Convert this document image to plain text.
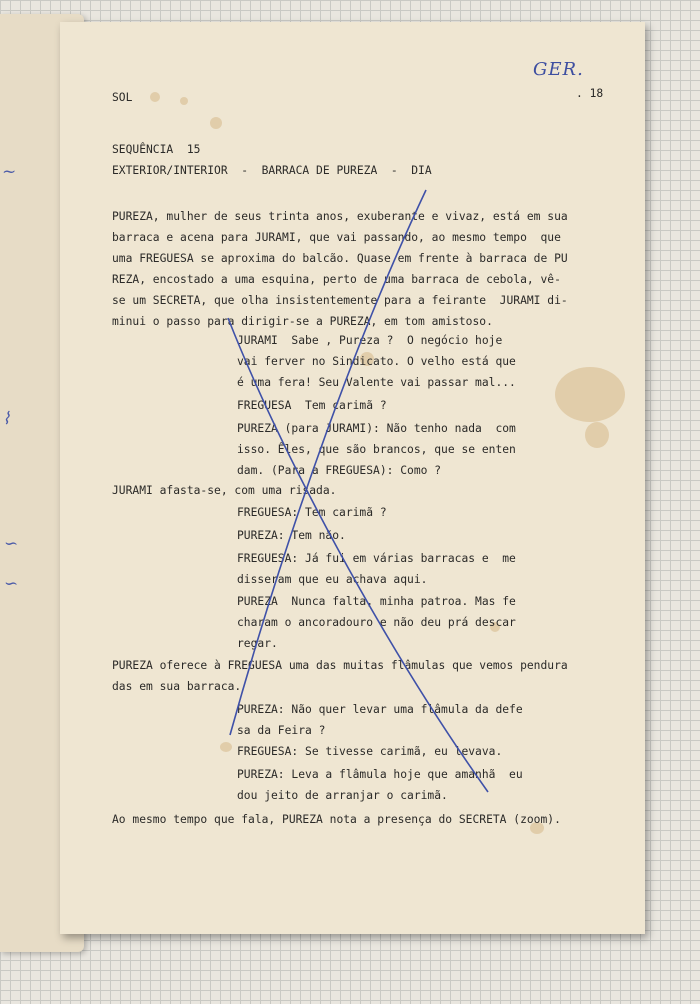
~
⌇
∽
∽
SOL	. 18
GER.
SEQUÊNCIA  15
EXTERIOR/INTERIOR  -  BARRACA DE PUREZA  -  DIA
PUREZA, mulher de seus trinta anos, exuberante e vivaz, está em sua
barraca e acena para JURAMI, que vai passando, ao mesmo tempo  que
uma FREGUESA se aproxima do balcão. Quase em frente à barraca de PU
REZA, encostado a uma esquina, perto de uma barraca de cebola, vê-
se um SECRETA, que olha insistentemente para a feirante  JURAMI di-
minui o passo para dirigir-se a PUREZA, em tom amistoso.
JURAMI  Sabe , Pureza ?  O negócio hoje
vai ferver no Sindicato. O velho está que
é uma fera! Seu Valente vai passar mal...
FREGUESA  Tem carimã ?
PUREZA (para JURAMI): Não tenho nada  com
isso. Êles, que são brancos, que se enten
dam. (Para a FREGUESA): Como ?
JURAMI afasta-se, com uma risada.
FREGUESA: Tem carimã ?
PUREZA: Tem não.
FREGUESA: Já fui em várias barracas e  me
disseram que eu achava aqui.
PUREZA  Nunca falta, minha patroa. Mas fe
charam o ancoradouro e não deu prá descar
regar.
PUREZA oferece à FREGUESA uma das muitas flâmulas que vemos pendura
das em sua barraca.
PUREZA: Não quer levar uma flâmula da defe
sa da Feira ?
FREGUESA: Se tivesse carimã, eu levava.
PUREZA: Leva a flâmula hoje que amanhã  eu
dou jeito de arranjar o carimã.
Ao mesmo tempo que fala, PUREZA nota a presença do SECRETA (zoom).
